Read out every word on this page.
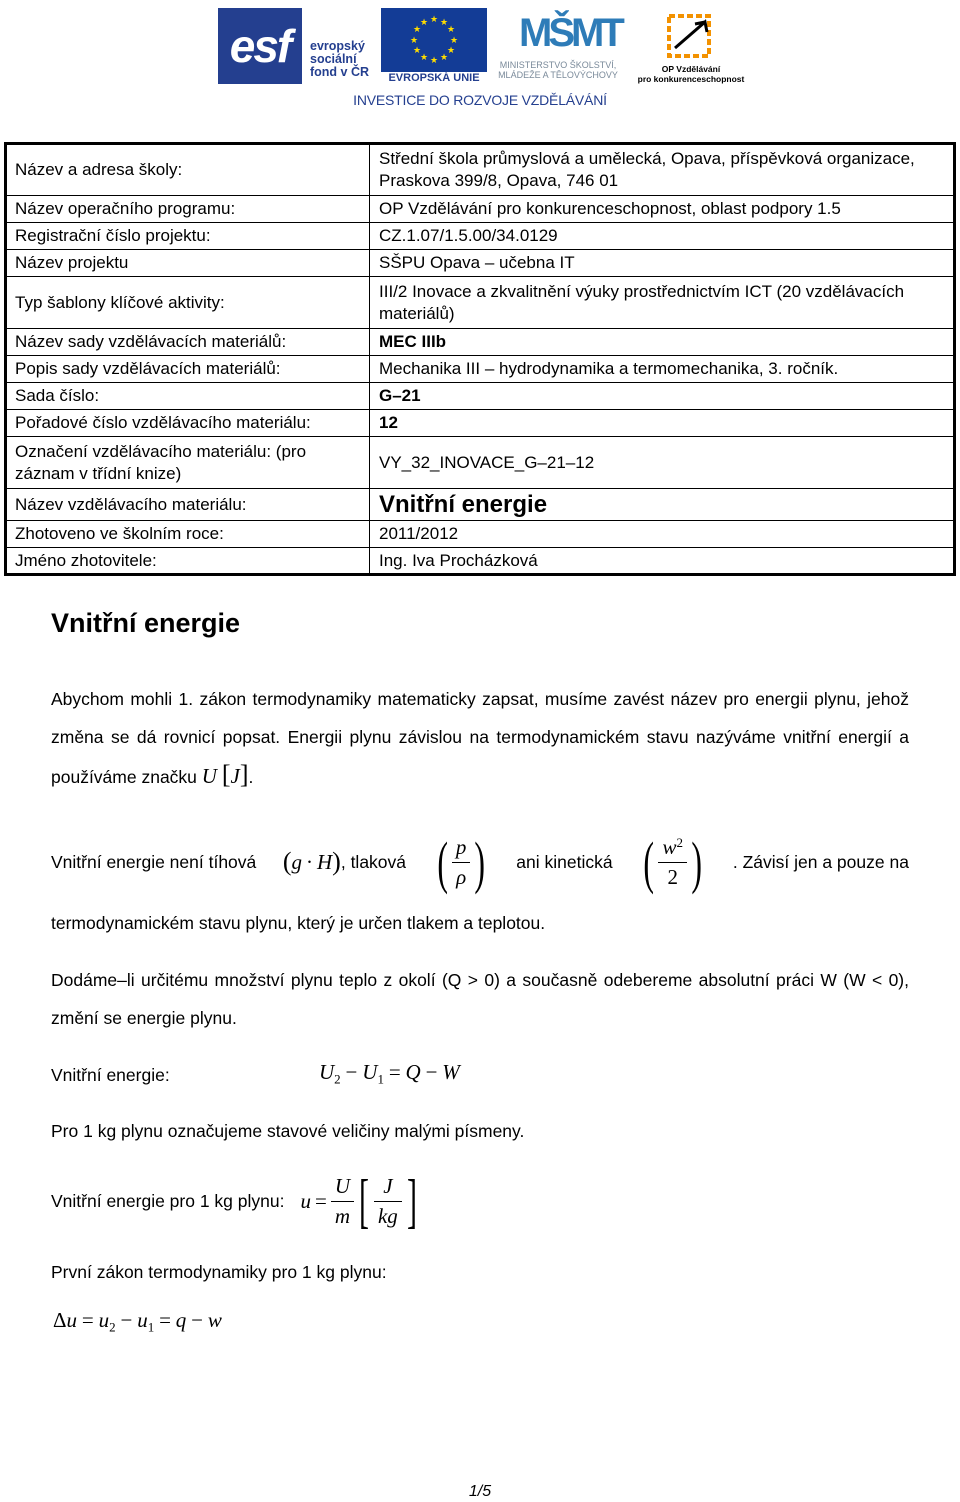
esf	evropský
sociální
fond v ČR
★ ★
★
★
★
★
★
★
★
★
★
★
EVROPSKÁ UNIE
MŠMT
MINISTERSTVO ŠKOLSTVÍ,
MLÁDEŽE A TĚLOVÝCHOVY
OP Vzdělávání
pro konkurenceschopnost
INVESTICE DO ROZVOJE VZDĚLÁVÁNÍ
Název a adresa školy:	Střední škola průmyslová a umělecká, Opava, příspěvková organizace, Praskova 399/8, Opava, 746 01
Název operačního programu:	OP Vzdělávání pro konkurenceschopnost, oblast podpory 1.5
Registrační číslo projektu:	CZ.1.07/1.5.00/34.0129
Název projektu	SŠPU Opava – učebna IT
Typ šablony klíčové aktivity:	III/2 Inovace a zkvalitnění výuky prostřednictvím ICT (20 vzdělávacích materiálů)
Název sady vzdělávacích materiálů:	MEC IIIb
Popis sady vzdělávacích materiálů:	Mechanika III – hydrodynamika a termomechanika, 3. ročník.
Sada číslo:	G–21
Pořadové číslo vzdělávacího materiálu:	12
Označení vzdělávacího materiálu: (pro záznam v třídní knize)	VY_32_INOVACE_G–21–12
Název vzdělávacího materiálu:	Vnitřní energie
Zhotoveno ve školním roce:	2011/2012
Jméno zhotovitele:	Ing. Iva Procházková
Vnitřní energie
Abychom mohli 1. zákon termodynamiky matematicky zapsat, musíme zavést název pro energii plynu, jehož změna se dá rovnicí popsat. Energii plynu závislou na termodynamickém stavu nazýváme vnitřní energií a používáme značku U [J].
Vnitřní energie není tíhová ( g · H ) , tlaková ( $\frac{p}{\rho}$ ) ani kinetická ( $\frac{w^2}{2}$ ) . Závisí jen a pouze na
termodynamickém stavu plynu, který je určen tlakem a teplotou.
Dodáme–li určitému množství plynu teplo z okolí (Q > 0) a současně odebereme absolutní práci W (W < 0), změní se energie plynu.
Vnitřní energie:	$U_2 - U_1 = Q - W$
Pro 1 kg plynu označujeme stavové veličiny malými písmeny.
Vnitřní energie pro 1 kg plynu: $u = \frac{U}{m}$ [ $\frac{J}{kg}$ ]
První zákon termodynamiky pro 1 kg plynu:
$\Delta u = u_2 - u_1 = q - w$
1/5
